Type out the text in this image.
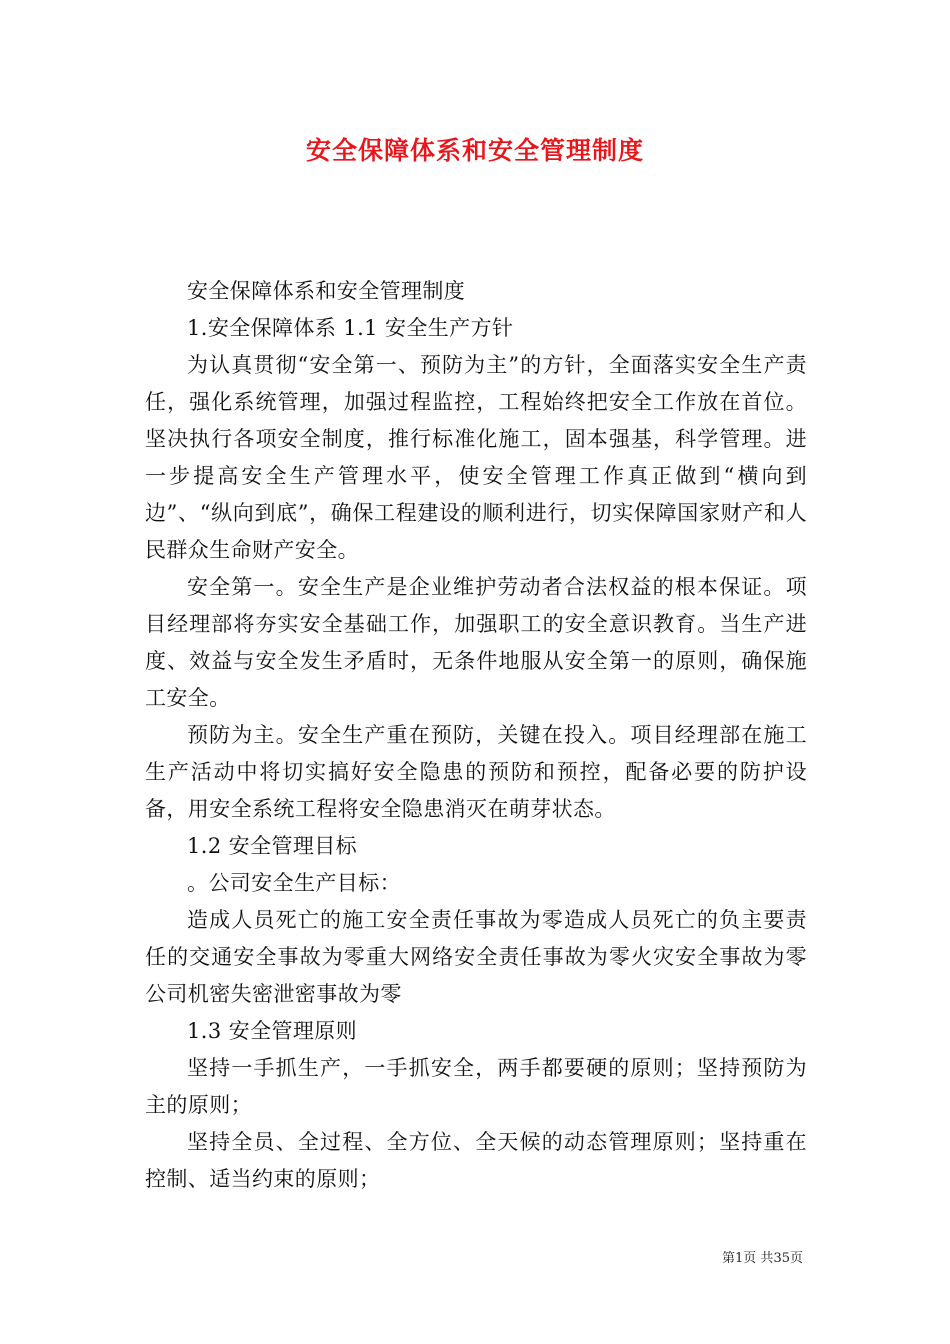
安全保障体系和安全管理制度

安全保障体系和安全管理制度

1.安全保障体系 1.1 安全生产方针

为认真贯彻“安全第一、预防为主”的方针，全面落实安全生产责任，强化系统管理，加强过程监控，工程始终把安全工作放在首位。坚决执行各项安全制度，推行标准化施工，固本强基，科学管理。进一步提高安全生产管理水平，使安全管理工作真正做到“横向到边”、“纵向到底”，确保工程建设的顺利进行，切实保障国家财产和人民群众生命财产安全。

安全第一。安全生产是企业维护劳动者合法权益的根本保证。项目经理部将夯实安全基础工作，加强职工的安全意识教育。当生产进度、效益与安全发生矛盾时，无条件地服从安全第一的原则，确保施工安全。

预防为主。安全生产重在预防，关键在投入。项目经理部在施工生产活动中将切实搞好安全隐患的预防和预控，配备必要的防护设备，用安全系统工程将安全隐患消灭在萌芽状态。

1.2 安全管理目标

。公司安全生产目标：

造成人员死亡的施工安全责任事故为零造成人员死亡的负主要责任的交通安全事故为零重大网络安全责任事故为零火灾安全事故为零公司机密失密泄密事故为零

1.3 安全管理原则

坚持一手抓生产，一手抓安全，两手都要硬的原则；坚持预防为主的原则；

坚持全员、全过程、全方位、全天候的动态管理原则；坚持重在控制、适当约束的原则；

第1页 共35页
